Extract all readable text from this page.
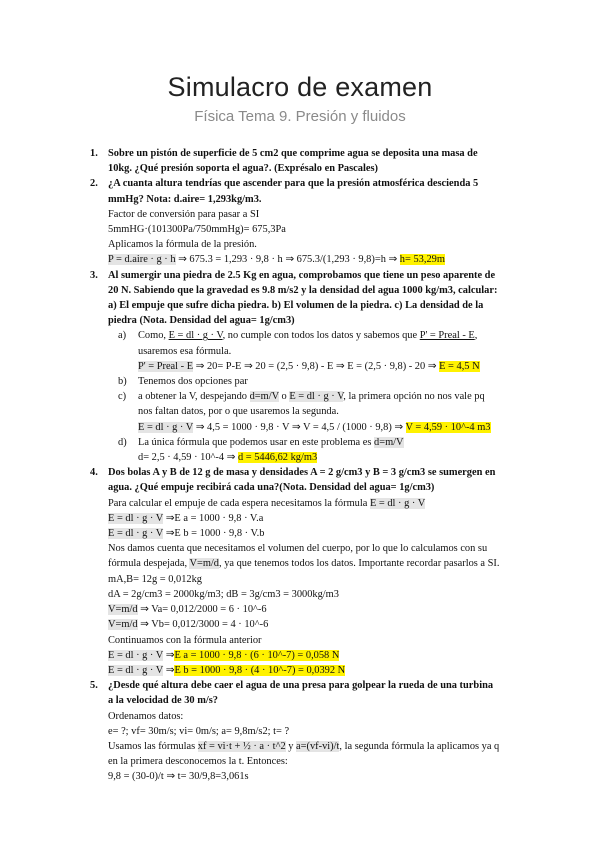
Simulacro de examen
Física Tema 9. Presión y fluidos
1. Sobre un pistón de superficie de 5 cm2 que comprime agua se deposita una masa de
10kg. ¿Qué presión soporta el agua?. (Exprésalo en Pascales)
2. ¿A cuanta altura tendrías que ascender para que la presión atmosférica descienda 5
mmHg? Nota: d.aire= 1,293kg/m3.
Factor de conversión para pasar a SI
5mmHG·(101300Pa/750mmHg)= 675,3Pa
Aplicamos la fórmula de la presión.
P = d.aire · g · h ⇒ 675.3 = 1,293 · 9,8 · h ⇒ 675.3/(1,293 · 9,8)=h ⇒ h= 53,29m
3. Al sumergir una piedra de 2.5 Kg en agua, comprobamos que tiene un peso aparente de
20 N. Sabiendo que la gravedad es 9.8 m/s2 y la densidad del agua 1000 kg/m3, calcular:
a) El empuje que sufre dicha piedra. b) El volumen de la piedra. c) La densidad de la
piedra (Nota. Densidad del agua= 1g/cm3)
a) Como, E = dl · g · V, no cumple con todos los datos y sabemos que P' = Preal - E,
usaremos esa fórmula.
P' = Preal - E ⇒ 20= P-E ⇒ 20 = (2,5 · 9,8) - E ⇒ E = (2,5 · 9,8) - 20 ⇒ E = 4,5 N
b) Tenemos dos opciones par
c) a obtener la V, despejando d=m/V o E = dl · g · V, la primera opción no nos vale pq
nos faltan datos, por o que usaremos la segunda.
E = dl · g · V ⇒ 4,5 = 1000 · 9,8 · V ⇒ V = 4,5 / (1000 · 9,8) ⇒ V = 4,59 · 10^-4 m3
d) La única fórmula que podemos usar en este problema es d=m/V
d= 2,5 · 4,59 · 10^-4 ⇒ d = 5446,62 kg/m3
4. Dos bolas A y B de 12 g de masa y densidades A = 2 g/cm3 y B = 3 g/cm3 se sumergen en
agua. ¿Qué empuje recibirá cada una?(Nota. Densidad del agua= 1g/cm3)
Para calcular el empuje de cada espera necesitamos la fórmula E = dl · g · V
E = dl · g · V ⇒E a = 1000 · 9,8 · V.a
E = dl · g · V ⇒E b = 1000 · 9,8 · V.b
Nos damos cuenta que necesitamos el volumen del cuerpo, por lo que lo calculamos con su
fórmula despejada, V=m/d, ya que tenemos todos los datos. Importante recordar pasarlos a SI.
mA,B= 12g = 0,012kg
dA = 2g/cm3 = 2000kg/m3; dB = 3g/cm3 = 3000kg/m3
V=m/d ⇒ Va= 0,012/2000 = 6 · 10^-6
V=m/d ⇒ Vb= 0,012/3000 = 4 · 10^-6
Continuamos con la fórmula anterior
E = dl · g · V ⇒E a = 1000 · 9,8 · (6 · 10^-7) = 0,058 N
E = dl · g · V ⇒E b = 1000 · 9,8 · (4 · 10^-7) = 0,0392 N
5. ¿Desde qué altura debe caer el agua de una presa para golpear la rueda de una turbina
a la velocidad de 30 m/s?
Ordenamos datos:
e= ?; vf= 30m/s; vi= 0m/s; a= 9,8m/s2; t= ?
Usamos las fórmulas xf = vi·t + ½ · a · t^2 y a=(vf-vi)/t, la segunda fórmula la aplicamos ya q
en la primera desconocemos la t. Entonces:
9,8 = (30-0)/t ⇒ t= 30/9,8=3,061s
